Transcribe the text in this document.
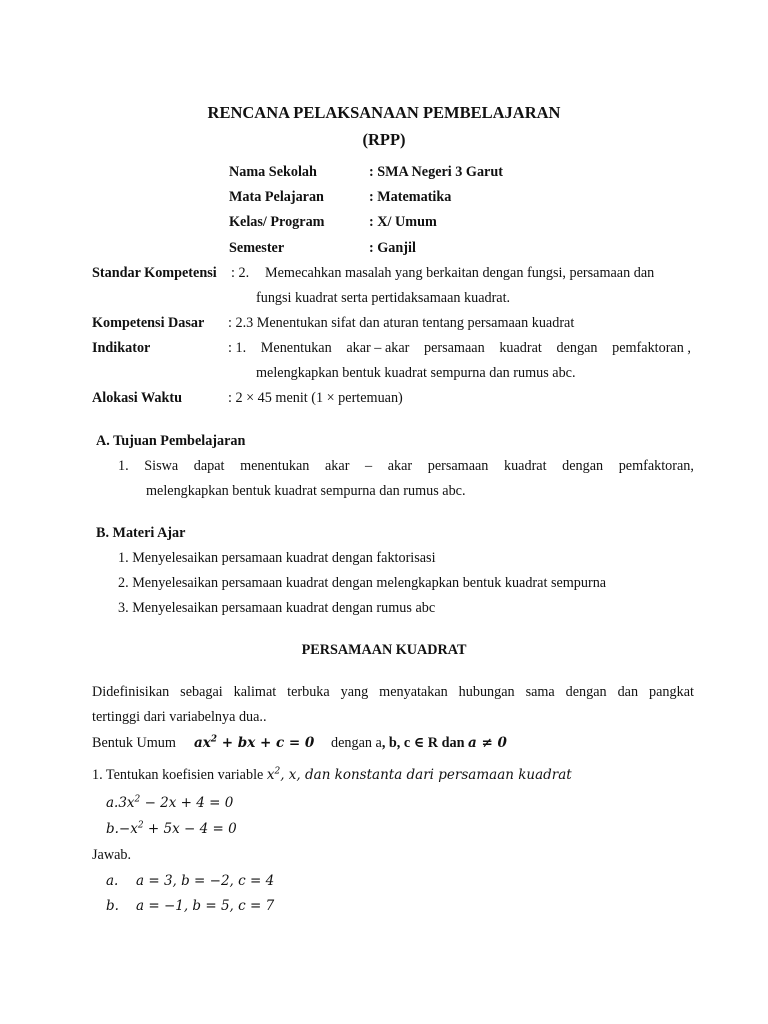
RENCANA PELAKSANAAN PEMBELAJARAN
(RPP)
Nama Sekolah	: SMA Negeri 3 Garut
Mata Pelajaran	: Matematika
Kelas/ Program	: X/ Umum
Semester	: Ganjil
Standar Kompetensi : 2. Memecahkan masalah yang berkaitan dengan fungsi, persamaan dan
fungsi kuadrat serta pertidaksamaan kuadrat.
Kompetensi Dasar : 2.3 Menentukan sifat dan aturan tentang persamaan kuadrat
Indikator	: 1. Menentukan akar – akar persamaan kuadrat dengan pemfaktoran ,
melengkapkan bentuk kuadrat sempurna dan rumus abc.
Alokasi Waktu	: 2 × 45 menit (1 × pertemuan)
A. Tujuan Pembelajaran
1. Siswa dapat menentukan akar – akar persamaan kuadrat dengan pemfaktoran,
melengkapkan bentuk kuadrat sempurna dan rumus abc.
B. Materi Ajar
1. Menyelesaikan persamaan kuadrat dengan faktorisasi
2. Menyelesaikan persamaan kuadrat dengan melengkapkan bentuk kuadrat sempurna
3. Menyelesaikan persamaan kuadrat dengan rumus abc
PERSAMAAN KUADRAT
Didefinisikan sebagai kalimat terbuka yang menyatakan hubungan sama dengan dan pangkat
tertinggi dari variabelnya dua..
Bentuk Umum $ax^2$ + bx + c = 0 dengan a, b, c ∈ R dan a ≠ 0
1. Tentukan koefisien variable $x^2$, x, dan konstanta dari persamaan kuadrat
$a.3x^2 - 2x + 4 = 0$
$b.-x^2 + 5x - 4 = 0$
Jawab.
a. a = 3, b = −2, c = 4
b. a = −1, b = 5, c = 7
